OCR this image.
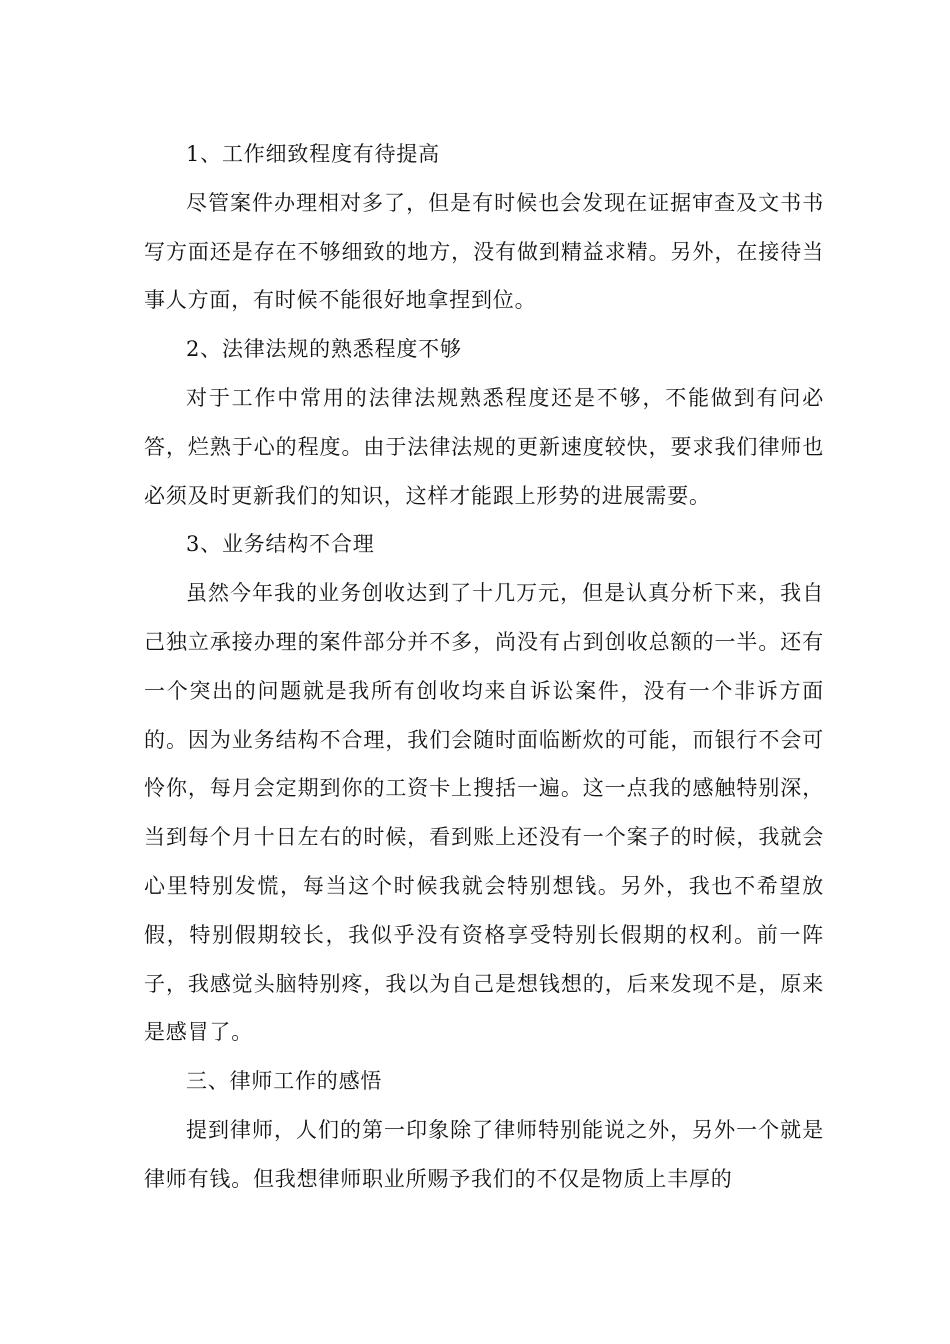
1、工作细致程度有待提高

尽管案件办理相对多了，但是有时候也会发现在证据审查及文书书写方面还是存在不够细致的地方，没有做到精益求精。另外，在接待当事人方面，有时候不能很好地拿捏到位。

2、法律法规的熟悉程度不够

对于工作中常用的法律法规熟悉程度还是不够，不能做到有问必答，烂熟于心的程度。由于法律法规的更新速度较快，要求我们律师也必须及时更新我们的知识，这样才能跟上形势的进展需要。

3、业务结构不合理

虽然今年我的业务创收达到了十几万元，但是认真分析下来，我自己独立承接办理的案件部分并不多，尚没有占到创收总额的一半。还有一个突出的问题就是我所有创收均来自诉讼案件，没有一个非诉方面的。因为业务结构不合理，我们会随时面临断炊的可能，而银行不会可怜你，每月会定期到你的工资卡上搜括一遍。这一点我的感触特别深，当到每个月十日左右的时候，看到账上还没有一个案子的时候，我就会心里特别发慌，每当这个时候我就会特别想钱。另外，我也不希望放假，特别假期较长，我似乎没有资格享受特别长假期的权利。前一阵子，我感觉头脑特别疼，我以为自己是想钱想的，后来发现不是，原来是感冒了。

三、律师工作的感悟

提到律师，人们的第一印象除了律师特别能说之外，另外一个就是律师有钱。但我想律师职业所赐予我们的不仅是物质上丰厚的
